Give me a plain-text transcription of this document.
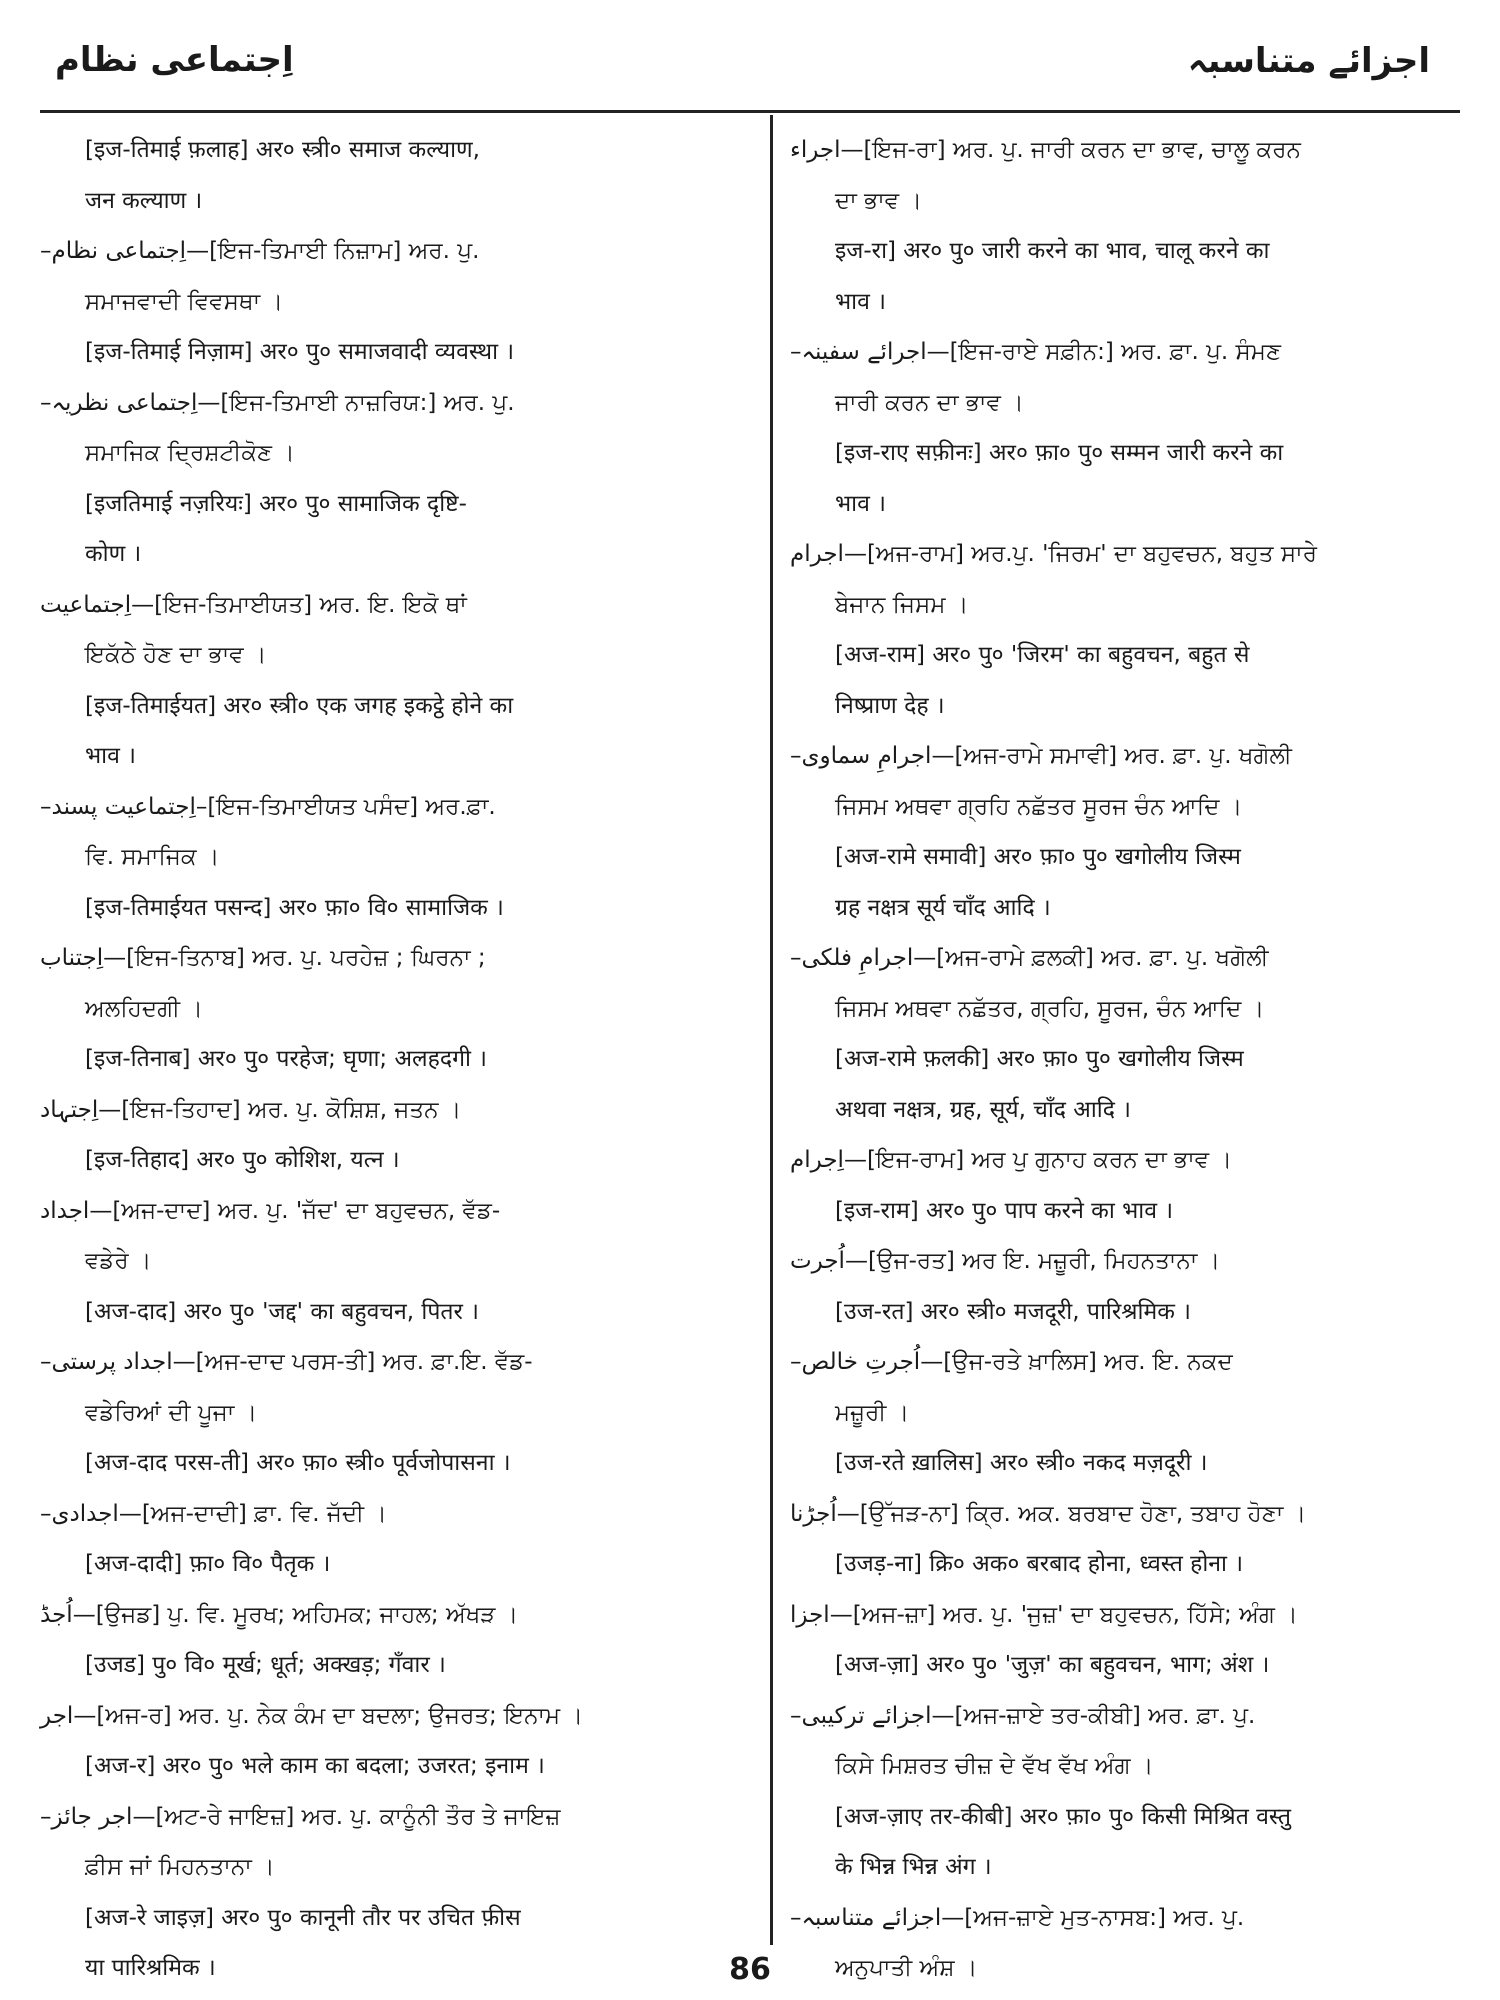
اِجتماعی نظام	اجزائے متناسبہ
[इज-तिमाई फ़लाह] अर० स्त्री० समाज कल्याण,
जन कल्याण ।
–اِجتماعی نظام—[ਇਜ-ਤਿਮਾਈ ਨਿਜ਼ਾਮ] ਅਰ. ਪੁ.
ਸਮਾਜਵਾਦੀ ਵਿਵਸਥਾ ।
[इज-तिमाई निज़ाम] अर० पु० समाजवादी व्यवस्था ।
–اِجتماعی نظریہ—[ਇਜ-ਤਿਮਾਈ ਨਾਜ਼ਰਿਯ:] ਅਰ. ਪੁ.
ਸਮਾਜਿਕ ਦ੍ਰਿਸ਼ਟੀਕੋਣ ।
[इजतिमाई नज़रियः] अर० पु० सामाजिक दृष्टि-
कोण ।
اِجتماعیت—[ਇਜ-ਤਿਮਾਈਯਤ] ਅਰ. ਇ. ਇਕੋ ਥਾਂ
ਇਕੱਠੇ ਹੋਣ ਦਾ ਭਾਵ ।
[इज-तिमाईयत] अर० स्त्री० एक जगह इकट्ठे होने का
भाव ।
–اِجتماعیت پسند–[ਇਜ-ਤਿਮਾਈਯਤ ਪਸੰਦ] ਅਰ.ਫ਼ਾ.
ਵਿ. ਸਮਾਜਿਕ ।
[इज-तिमाईयत पसन्द] अर० फ़ा० वि० सामाजिक ।
اِجتناب—[ਇਜ-ਤਿਨਾਬ] ਅਰ. ਪੁ. ਪਰਹੇਜ਼ ; ਘਿਰਨਾ ;
ਅਲਹਿਦਗੀ ।
[इज-तिनाब] अर० पु० परहेज; घृणा; अलहदगी ।
اِجتہاد—[ਇਜ-ਤਿਹਾਦ] ਅਰ. ਪੁ. ਕੋਸ਼ਿਸ਼, ਜਤਨ ।
[इज-तिहाद] अर० पु० कोशिश, यत्न ।
اجداد—[ਅਜ-ਦਾਦ] ਅਰ. ਪੁ. 'ਜੱਦ' ਦਾ ਬਹੁਵਚਨ, ਵੱਡ-
ਵਡੇਰੇ ।
[अज-दाद] अर० पु० 'जद्द' का बहुवचन, पितर ।
–اجداد پرستی—[ਅਜ-ਦਾਦ ਪਰਸ-ਤੀ] ਅਰ. ਫ਼ਾ.ਇ. ਵੱਡ-
ਵਡੇਰਿਆਂ ਦੀ ਪੂਜਾ ।
[अज-दाद परस-ती] अर० फ़ा० स्त्री० पूर्वजोपासना ।
–اجدادی—[ਅਜ-ਦਾਦੀ] ਫ਼ਾ. ਵਿ. ਜੱਦੀ ।
[अज-दादी] फ़ा० वि० पैतृक ।
اُجڈ—[ਉਜਡ] ਪੁ. ਵਿ. ਮੂਰਖ; ਅਹਿਮਕ; ਜਾਹਲ; ਅੱਖੜ ।
[उजड] पु० वि० मूर्ख; धूर्त; अक्खड़; गँवार ।
اجر—[ਅਜ-ਰ] ਅਰ. ਪੁ. ਨੇਕ ਕੰਮ ਦਾ ਬਦਲਾ; ਉਜਰਤ; ਇਨਾਮ ।
[अज-र] अर० पु० भले काम का बदला; उजरत; इनाम ।
–اجر جائز—[ਅਟ-ਰੇ ਜਾਇਜ਼] ਅਰ. ਪੁ. ਕਾਨੂੰਨੀ ਤੌਰ ਤੇ ਜਾਇਜ਼
ਫ਼ੀਸ ਜਾਂ ਮਿਹਨਤਾਨਾ ।
[अज-रे जाइज़] अर० पु० कानूनी तौर पर उचित फ़ीस
या पारिश्रमिक ।
اجراء—[ਇਜ-ਰਾ] ਅਰ. ਪੁ. ਜਾਰੀ ਕਰਨ ਦਾ ਭਾਵ, ਚਾਲੂ ਕਰਨ
ਦਾ ਭਾਵ ।
इज-रा] अर० पु० जारी करने का भाव, चालू करने का
भाव ।
–اجرائے سفینہ—[ਇਜ-ਰਾਏ ਸਫ਼ੀਨ:] ਅਰ. ਫ਼ਾ. ਪੁ. ਸੰਮਣ
ਜਾਰੀ ਕਰਨ ਦਾ ਭਾਵ ।
[इज-राए सफ़ीनः] अर० फ़ा० पु० सम्मन जारी करने का
भाव ।
اجرام—[ਅਜ-ਰਾਮ] ਅਰ.ਪੁ. 'ਜਿਰਮ' ਦਾ ਬਹੁਵਚਨ, ਬਹੁਤ ਸਾਰੇ
ਬੇਜਾਨ ਜਿਸਮ ।
[अज-राम] अर० पु० 'जिरम' का बहुवचन, बहुत से
निष्प्राण देह ।
–اجرامِ سماوی—[ਅਜ-ਰਾਮੇ ਸਮਾਵੀ] ਅਰ. ਫ਼ਾ. ਪੁ. ਖਗੋਲੀ
ਜਿਸਮ ਅਥਵਾ ਗ੍ਰਹਿ ਨਛੱਤਰ ਸੂਰਜ ਚੰਨ ਆਦਿ ।
[अज-रामे समावी] अर० फ़ा० पु० खगोलीय जिस्म
ग्रह नक्षत्र सूर्य चाँद आदि ।
–اجرامِ فلکی—[ਅਜ-ਰਾਮੇ ਫ਼ਲਕੀ] ਅਰ. ਫ਼ਾ. ਪੁ. ਖਗੋਲੀ
ਜਿਸਮ ਅਥਵਾ ਨਛੱਤਰ, ਗ੍ਰਹਿ, ਸੂਰਜ, ਚੰਨ ਆਦਿ ।
[अज-रामे फ़लकी] अर० फ़ा० पु० खगोलीय जिस्म
अथवा नक्षत्र, ग्रह, सूर्य, चाँद आदि ।
اِجرام—[ਇਜ-ਰਾਮ] ਅਰ ਪੁ ਗੁਨਾਹ ਕਰਨ ਦਾ ਭਾਵ ।
[इज-राम] अर० पु० पाप करने का भाव ।
اُجرت—[ਉਜ-ਰਤ] ਅਰ ਇ. ਮਜ਼ੂਰੀ, ਮਿਹਨਤਾਨਾ ।
[उज-रत] अर० स्त्री० मजदूरी, पारिश्रमिक ।
–اُجرتِ خالص—[ਉਜ-ਰਤੇ ਖ਼ਾਲਿਸ] ਅਰ. ਇ. ਨਕਦ
ਮਜ਼ੂਰੀ ।
[उज-रते ख़ालिस] अर० स्त्री० नकद मज़दूरी ।
اُجڑنا—[ਉੱਜੜ-ਨਾ] ਕ੍ਰਿ. ਅਕ. ਬਰਬਾਦ ਹੋਣਾ, ਤਬਾਹ ਹੋਣਾ ।
[उजड़-ना] क्रि० अक० बरबाद होना, ध्वस्त होना ।
اجزا—[ਅਜ-ਜ਼ਾ] ਅਰ. ਪੁ. 'ਜੁਜ਼' ਦਾ ਬਹੁਵਚਨ, ਹਿੱਸੇ; ਅੰਗ ।
[अज-ज़ा] अर० पु० 'जुज़' का बहुवचन, भाग; अंश ।
–اجزائے ترکیبی—[ਅਜ-ਜ਼ਾਏ ਤਰ-ਕੀਬੀ] ਅਰ. ਫ਼ਾ. ਪੁ.
ਕਿਸੇ ਮਿਸ਼ਰਤ ਚੀਜ਼ ਦੇ ਵੱਖ ਵੱਖ ਅੰਗ ।
[अज-ज़ाए तर-कीबी] अर० फ़ा० पु० किसी मिश्रित वस्तु
के भिन्न भिन्न अंग ।
–اجزائے متناسبہ—[ਅਜ-ਜ਼ਾਏ ਮੁਤ-ਨਾਸਬ:] ਅਰ. ਪੁ.
ਅਨੁਪਾਤੀ ਅੰਸ਼ ।
86
